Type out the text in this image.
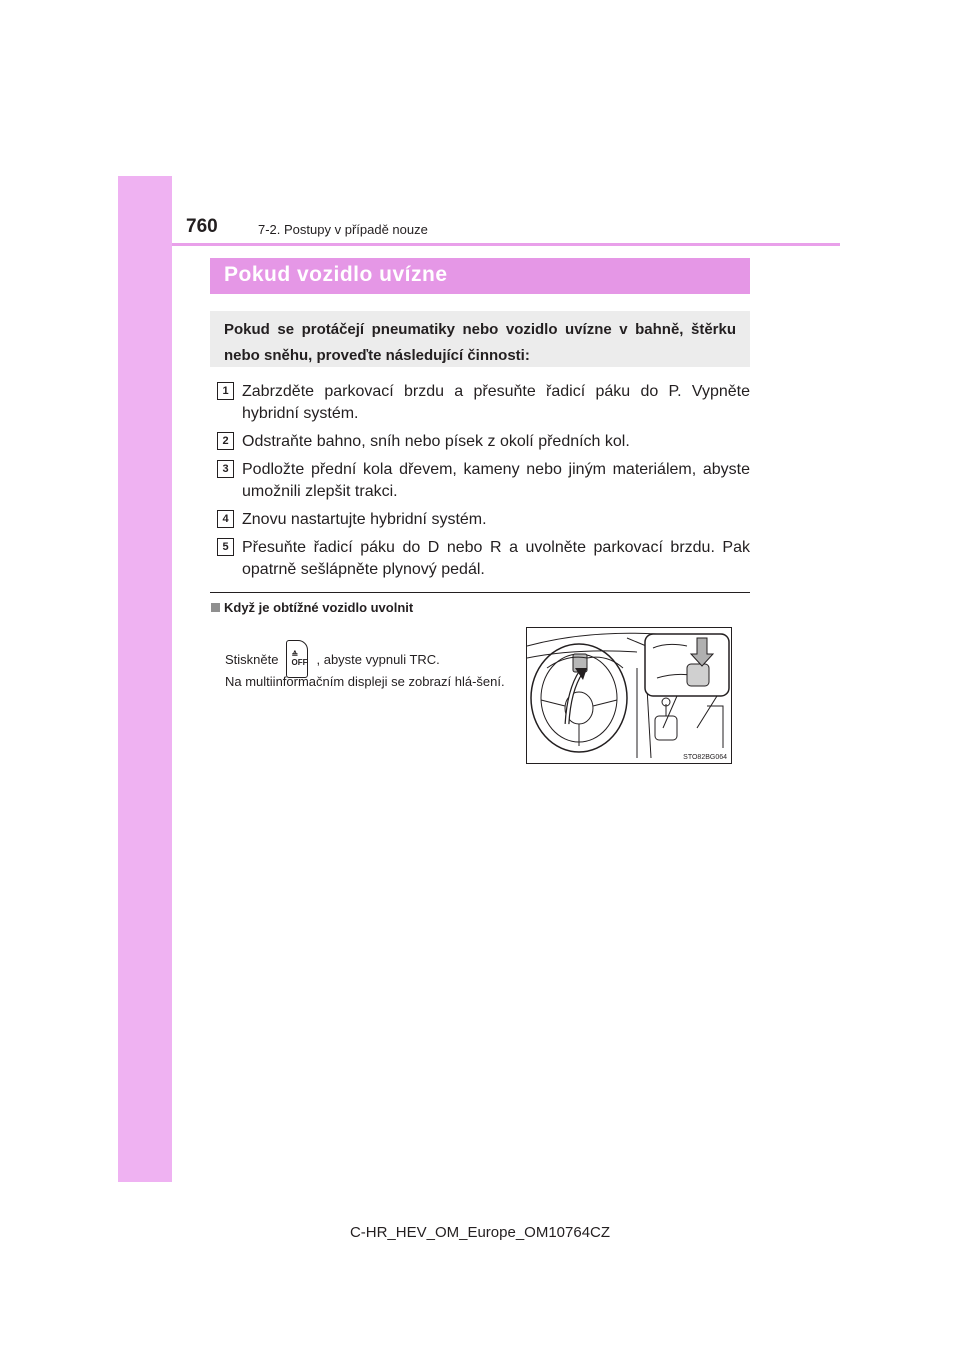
760	7-2. Postupy v případě nouze
Pokud vozidlo uvízne
Pokud se protáčejí pneumatiky nebo vozidlo uvízne v bahně, štěrku nebo sněhu, proveďte následující činnosti:
1 Zabrzděte parkovací brzdu a přesuňte řadicí páku do P. Vypněte hybridní systém.
2 Odstraňte bahno, sníh nebo písek z okolí předních kol.
3 Podložte přední kola dřevem, kameny nebo jiným materiálem, abyste umožnili zlepšit trakci.
4 Znovu nastartujte hybridní systém.
5 Přesuňte řadicí páku do D nebo R a uvolněte parkovací brzdu. Pak opatrně sešlápněte plynový pedál.
Když je obtížné vozidlo uvolnit
Stiskněte ≙
OFF , abyste vypnuli TRC.
Na multiinformačním displeji se zobrazí hlá-šení.
STO82BG064
C-HR_HEV_OM_Europe_OM10764CZ
